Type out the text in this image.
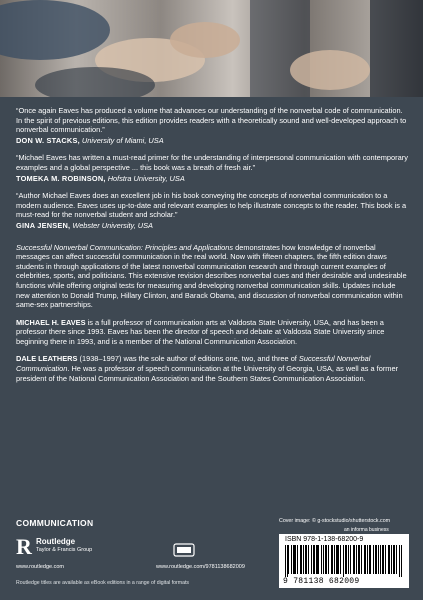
“Once again Eaves has produced a volume that advances our understanding of the nonverbal code of communication. In the spirit of previous editions, this edition provides readers with a theoretically sound and well-developed approach to nonverbal communication.”

DON W. STACKS, University of Miami, USA

“Michael Eaves has written a must-read primer for the understanding of interpersonal communication with contemporary examples and a global perspective ... this book was a breath of fresh air.”

TOMEKA M. ROBINSON, Hofstra University, USA

“Author Michael Eaves does an excellent job in his book conveying the concepts of nonverbal communication to a modern audience. Eaves uses up-to-date and relevant examples to help illustrate concepts to the reader. This book is a must-read for the nonverbal student and scholar.”

GINA JENSEN, Webster University, USA

Successful Nonverbal Communication: Principles and Applications demonstrates how knowledge of nonverbal messages can affect successful communication in the real world. Now with fifteen chapters, the fifth edition draws students in through applications of the latest nonverbal communication research and through current examples of celebrities, sports, and politicians. This extensive revision describes nonverbal cues and their desirable and undesirable functions while offering original tests for measuring and developing nonverbal communication skills. Updates include new attention to Donald Trump, Hillary Clinton, and Barack Obama, and discussion of nonverbal communication within same-sex partnerships.

MICHAEL H. EAVES is a full professor of communication arts at Valdosta State University, USA, and has been a professor there since 1993. Eaves has been the director of speech and debate at Valdosta State University since beginning there in 1993, and is a member of the National Communication Association.

DALE LEATHERS (1938–1997) was the sole author of editions one, two, and three of Successful Nonverbal Communication. He was a professor of speech communication at the University of Georgia, USA, as well as a former president of the National Communication Association and the Southern States Communication Association.

COMMUNICATION
R Routledge
Taylor & Francis Group
www.routledge.com	www.routledge.com/9781138682009
Routledge titles are available as eBook editions in a range of digital formats
Cover image: © g-stockstudio/shutterstock.com
an informa business
ISBN 978-1-138-68200-9
9 781138 682009
